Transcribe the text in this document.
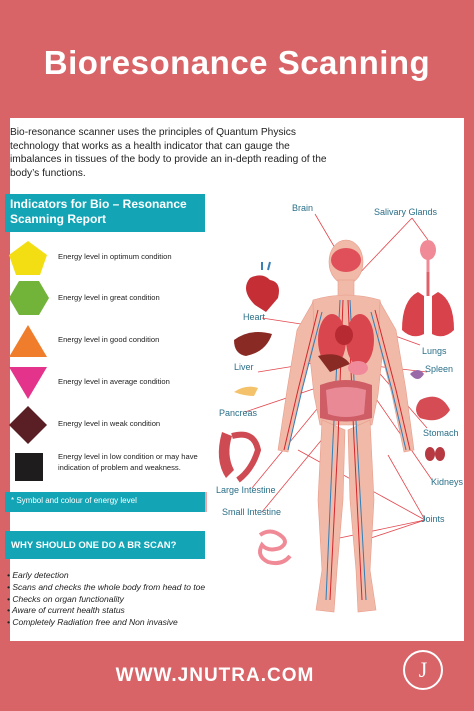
Bioresonance Scanning
Bio-resonance scanner uses the principles of Quantum Physics technology that works as a health indicator that can gauge the imbalances in tissues of the body to provide an in-depth reading of the body’s functions.
Indicators for Bio – Resonance Scanning Report
Energy level in optimum condition
Energy level in great condition
Energy level in good condition
Energy level in average condition
Energy level in weak condition
Energy level in low condition or may have indication of problem and weakness.
* Symbol and colour of energy level
WHY SHOULD ONE DO A BR SCAN?
• Early detection
• Scans and checks the whole body from head to toe
• Checks on organ functionality
• Aware of current health status
• Completely Radiation free and Non invasive
Brain	Salivary Glands
Heart
Lungs
Liver	Spleen
Pancreas
Stomach
Kidneys
Large Intestine
Small Intestine
Joints
WWW.JNUTRA.COM	J
